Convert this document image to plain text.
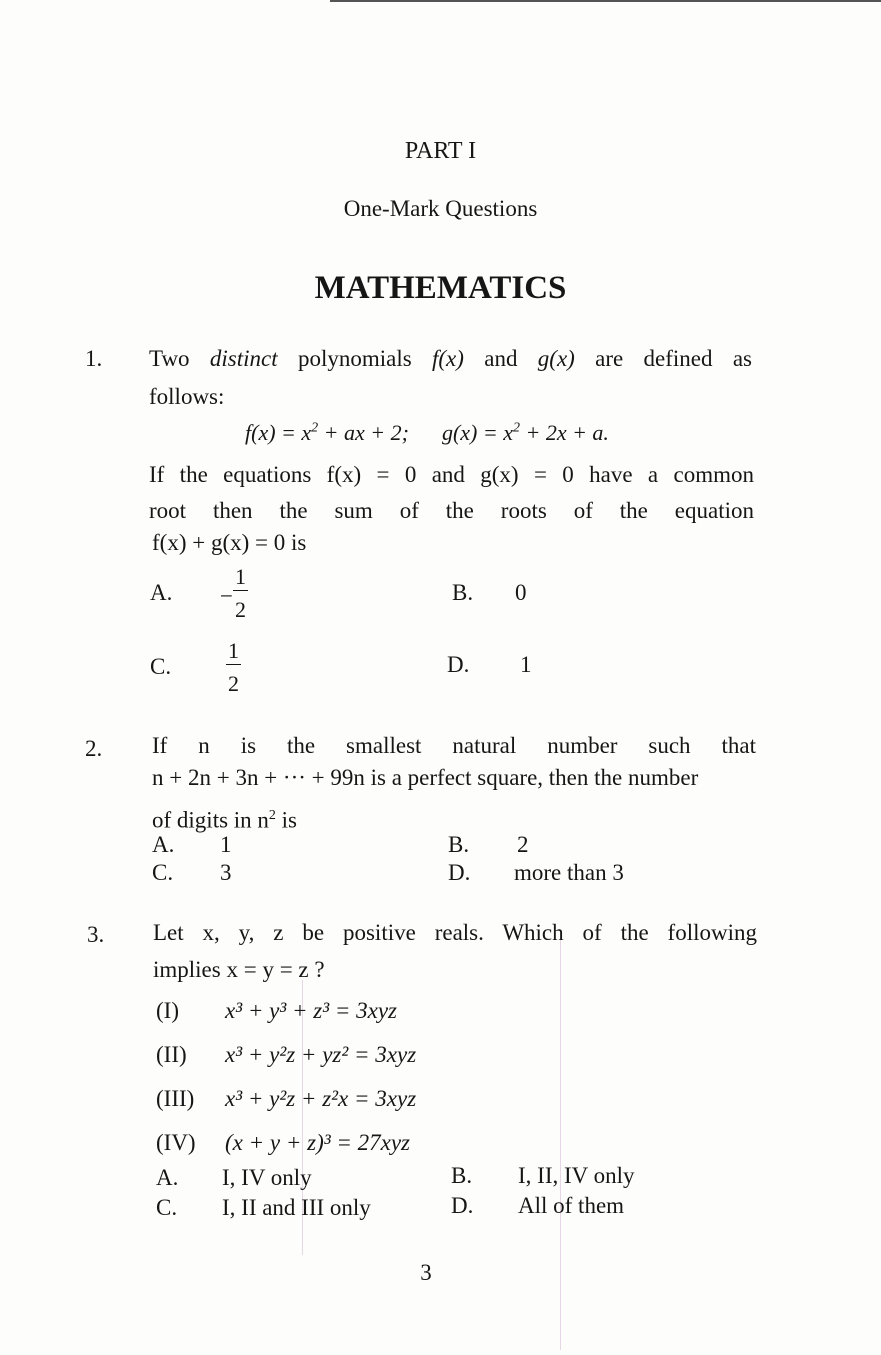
PART I
One-Mark Questions
MATHEMATICS
1. Two distinct polynomials f(x) and g(x) are defined as
follows:
$f(x) = x^2$ + ax + 2; $g(x) = x^2 + 2x + a$.
If the equations f(x) = 0 and g(x) = 0 have a common
root then the sum of the roots of the equation
f(x) + g(x) = 0 is
A. − $\frac{1}{2}$	B. 0
C. $\frac{1}{2}$	D. 1
2. If n is the smallest natural number such that
n + 2n + 3n + ··· + 99n is a perfect square, then the number
of digits in $n^2$ is
A. 1	B. 2
C. 3	D. more than 3
3. Let x, y, z be positive reals. Which of the following
implies x = y = z ?
(I) x³ + y³ + z³ = 3xyz
(II) x³ + y²z + yz² = 3xyz
(III) x³ + y²z + z²x = 3xyz
(IV) (x + y + z)³ = 27xyz
A. I, IV only	B. I, II, IV only
C. I, II and III only	D. All of them
3
